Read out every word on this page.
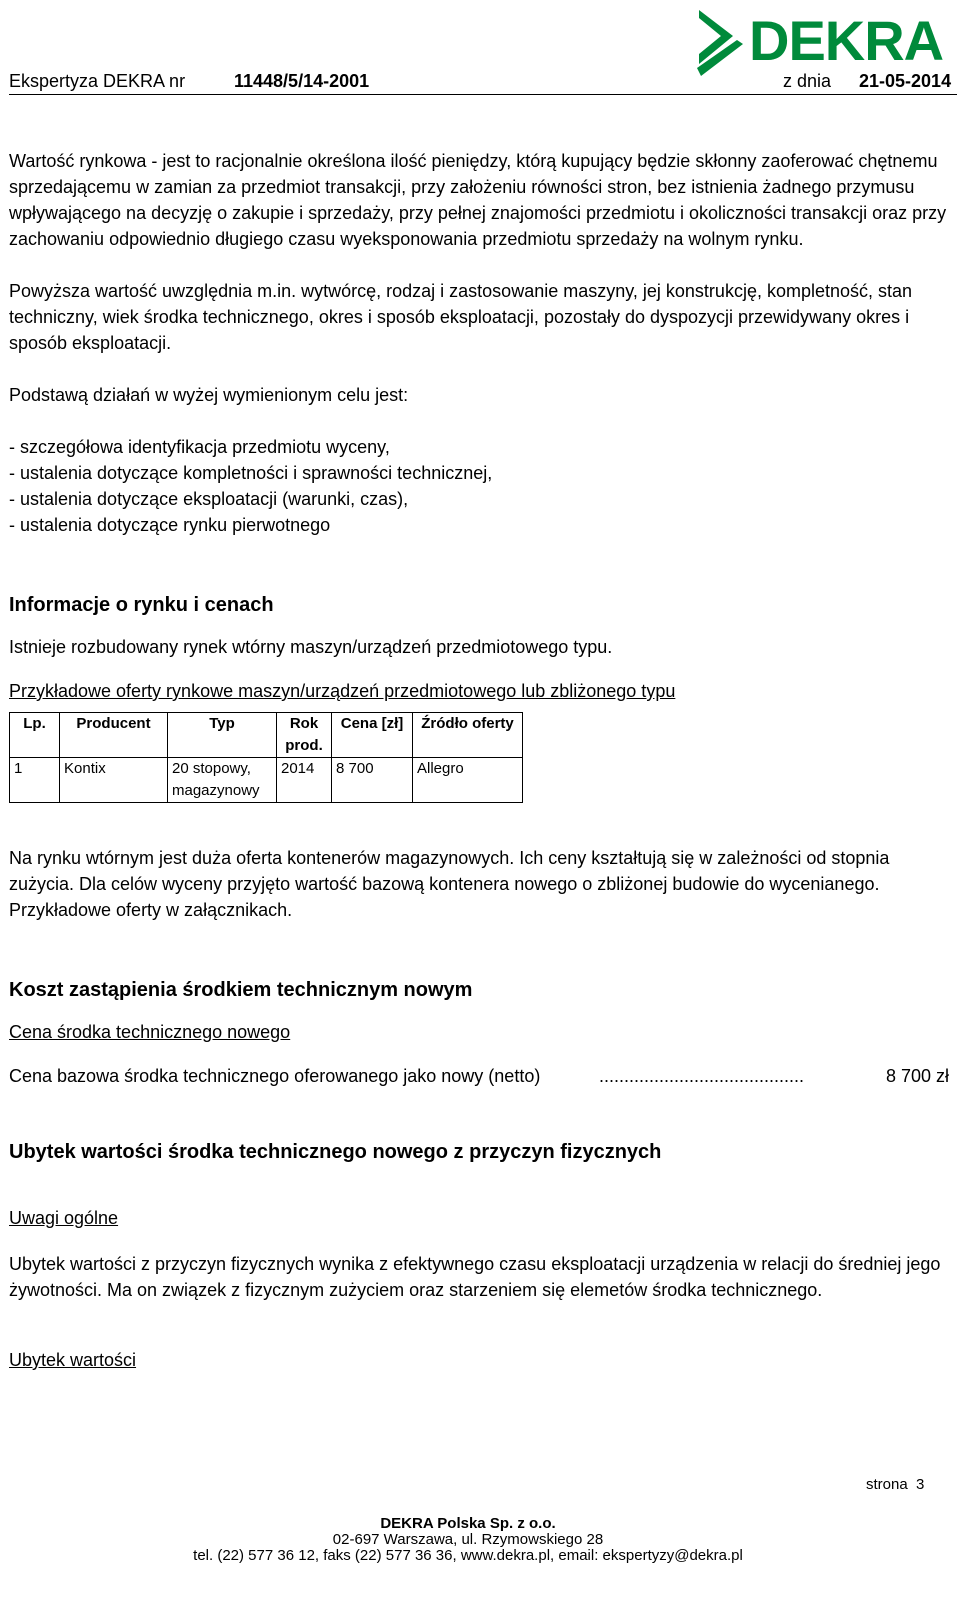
DEKRA
Ekspertyza DEKRA nr	11448/5/14-2001	z dnia 21-05-2014

Wartość rynkowa - jest to racjonalnie określona ilość pieniędzy, którą kupujący będzie skłonny zaoferować chętnemu sprzedającemu w zamian za przedmiot transakcji, przy założeniu równości stron, bez istnienia żadnego przymusu wpływającego na decyzję o zakupie i sprzedaży, przy pełnej znajomości przedmiotu i okoliczności transakcji oraz przy zachowaniu odpowiednio długiego czasu wyeksponowania przedmiotu sprzedaży na wolnym rynku.

Powyższa wartość uwzględnia m.in. wytwórcę, rodzaj i zastosowanie maszyny, jej konstrukcję, kompletność, stan techniczny, wiek środka technicznego, okres i sposób eksploatacji, pozostały do dyspozycji przewidywany okres i sposób eksploatacji.

Podstawą działań w wyżej wymienionym celu jest:

- szczegółowa identyfikacja przedmiotu wyceny,

- ustalenia dotyczące kompletności i sprawności technicznej,

- ustalenia dotyczące eksploatacji (warunki, czas),

- ustalenia dotyczące rynku pierwotnego

Informacje o rynku i cenach

Istnieje rozbudowany rynek wtórny maszyn/urządzeń przedmiotowego typu.

Przykładowe oferty rynkowe maszyn/urządzeń przedmiotowego lub zbliżonego typu

Lp.	Producent	Typ	Rok prod.	Cena [zł]	Źródło oferty
1	Kontix	20 stopowy, magazynowy	2014	8 700	Allegro

Na rynku wtórnym jest duża oferta kontenerów magazynowych. Ich ceny kształtują się w zależności od stopnia zużycia. Dla celów wyceny przyjęto wartość bazową kontenera nowego o zbliżonej budowie do wycenianego. Przykładowe oferty w załącznikach.

Koszt zastąpienia środkiem technicznym nowym

Cena środka technicznego nowego

Cena bazowa środka technicznego oferowanego jako nowy (netto)	.........................................	8 700 zł

Ubytek wartości środka technicznego nowego z przyczyn fizycznych

Uwagi ogólne

Ubytek wartości z przyczyn fizycznych wynika z efektywnego czasu eksploatacji urządzenia w relacji do średniej jego żywotności. Ma on związek z fizycznym zużyciem oraz starzeniem się elemetów środka technicznego.

Ubytek wartości

strona 3
DEKRA Polska Sp. z o.o.
02-697 Warszawa, ul. Rzymowskiego 28
tel. (22) 577 36 12, faks (22) 577 36 36, www.dekra.pl, email: ekspertyzy@dekra.pl
